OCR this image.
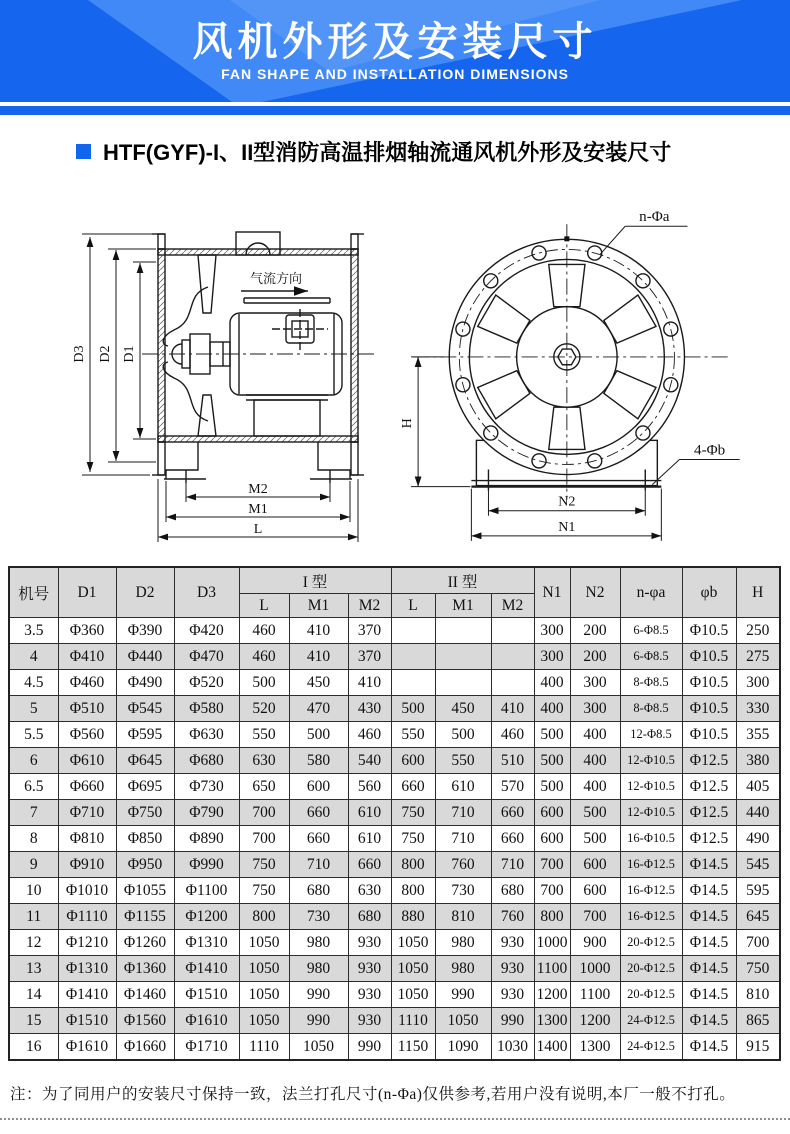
风机外形及安装尺寸
FAN SHAPE AND INSTALLATION DIMENSIONS
HTF(GYF)-I、II型消防高温排烟轴流通风机外形及安装尺寸
气流方向
D3 D2 D1
M2
M1
L
n-Φa
H
4-Φb
N2
N1
机号	D1	D2	D3	I 型			II 型			N1	N2	n-φa	φb	H
				L	M1	M2	L	M1	M2					
3.5	Φ360	Φ390	Φ420	460	410	370				300	200	6-Φ8.5	Φ10.5	250
4	Φ410	Φ440	Φ470	460	410	370				300	200	6-Φ8.5	Φ10.5	275
4.5	Φ460	Φ490	Φ520	500	450	410				400	300	8-Φ8.5	Φ10.5	300
5	Φ510	Φ545	Φ580	520	470	430	500	450	410	400	300	8-Φ8.5	Φ10.5	330
5.5	Φ560	Φ595	Φ630	550	500	460	550	500	460	500	400	12-Φ8.5	Φ10.5	355
6	Φ610	Φ645	Φ680	630	580	540	600	550	510	500	400	12-Φ10.5	Φ12.5	380
6.5	Φ660	Φ695	Φ730	650	600	560	660	610	570	500	400	12-Φ10.5	Φ12.5	405
7	Φ710	Φ750	Φ790	700	660	610	750	710	660	600	500	12-Φ10.5	Φ12.5	440
8	Φ810	Φ850	Φ890	700	660	610	750	710	660	600	500	16-Φ10.5	Φ12.5	490
9	Φ910	Φ950	Φ990	750	710	660	800	760	710	700	600	16-Φ12.5	Φ14.5	545
10	Φ1010	Φ1055	Φ1100	750	680	630	800	730	680	700	600	16-Φ12.5	Φ14.5	595
11	Φ1110	Φ1155	Φ1200	800	730	680	880	810	760	800	700	16-Φ12.5	Φ14.5	645
12	Φ1210	Φ1260	Φ1310	1050	980	930	1050	980	930	1000	900	20-Φ12.5	Φ14.5	700
13	Φ1310	Φ1360	Φ1410	1050	980	930	1050	980	930	1100	1000	20-Φ12.5	Φ14.5	750
14	Φ1410	Φ1460	Φ1510	1050	990	930	1050	990	930	1200	1100	20-Φ12.5	Φ14.5	810
15	Φ1510	Φ1560	Φ1610	1050	990	930	1110	1050	990	1300	1200	24-Φ12.5	Φ14.5	865
16	Φ1610	Φ1660	Φ1710	1110	1050	990	1150	1090	1030	1400	1300	24-Φ12.5	Φ14.5	915

注：为了同用户的安装尺寸保持一致，法兰打孔尺寸(n-Φa)仅供参考,若用户没有说明,本厂一般不打孔。
